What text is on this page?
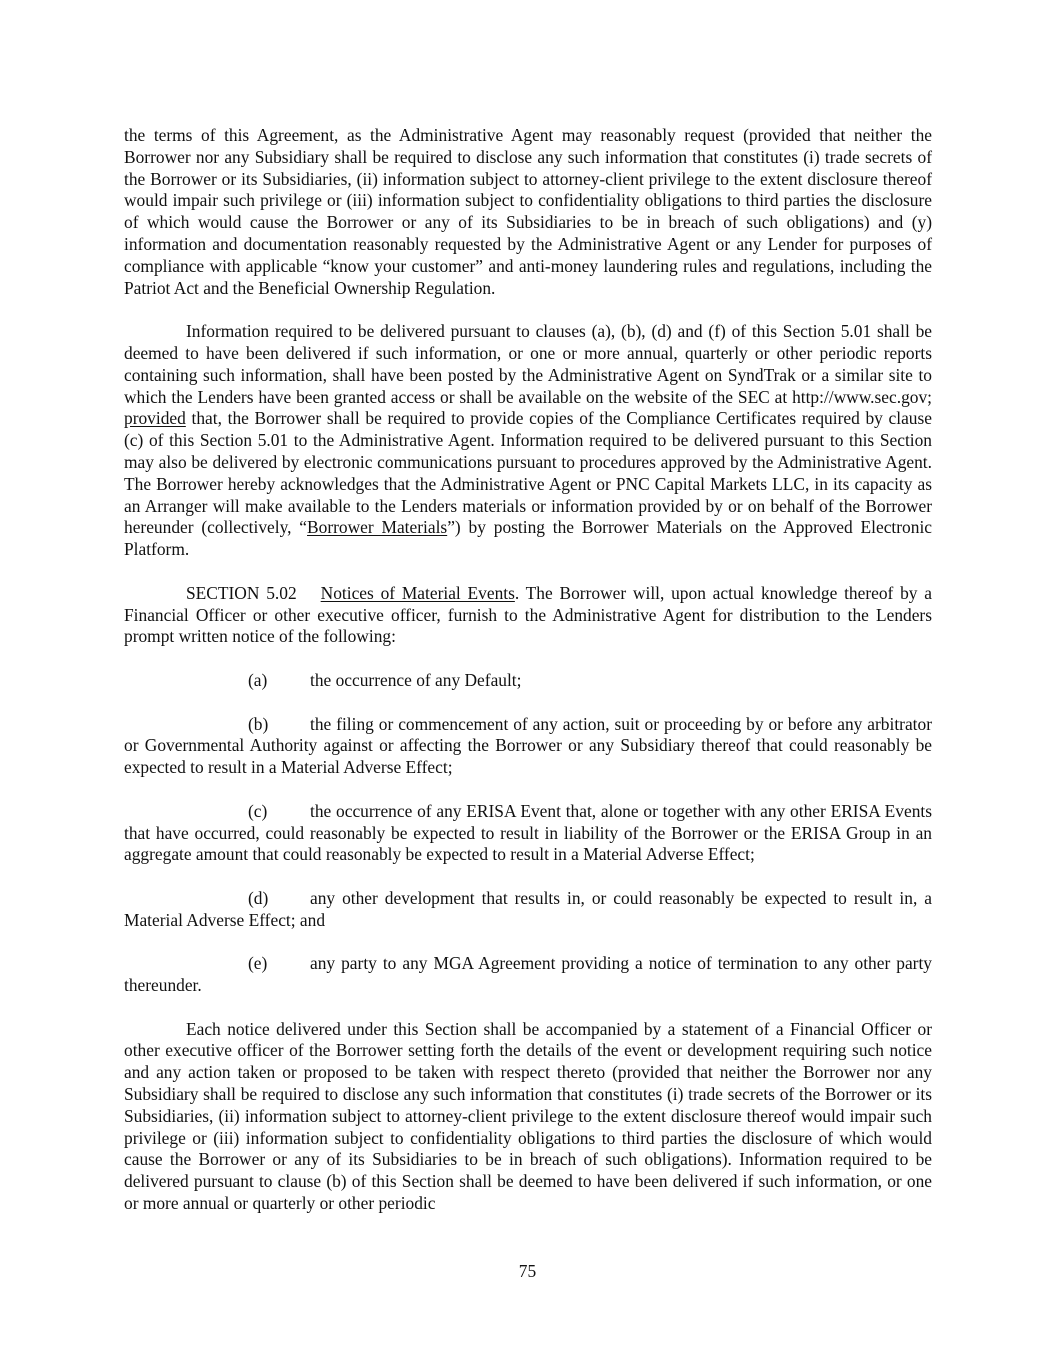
the terms of this Agreement, as the Administrative Agent may reasonably request (provided that neither the Borrower nor any Subsidiary shall be required to disclose any such information that constitutes (i) trade secrets of the Borrower or its Subsidiaries, (ii) information subject to attorney-client privilege to the extent disclosure thereof would impair such privilege or (iii) information subject to confidentiality obligations to third parties the disclosure of which would cause the Borrower or any of its Subsidiaries to be in breach of such obligations) and (y) information and documentation reasonably requested by the Administrative Agent or any Lender for purposes of compliance with applicable “know your customer” and anti-money laundering rules and regulations, including the Patriot Act and the Beneficial Ownership Regulation.

Information required to be delivered pursuant to clauses (a), (b), (d) and (f) of this Section 5.01 shall be deemed to have been delivered if such information, or one or more annual, quarterly or other periodic reports containing such information, shall have been posted by the Administrative Agent on SyndTrak or a similar site to which the Lenders have been granted access or shall be available on the website of the SEC at http://www.sec.gov; provided that, the Borrower shall be required to provide copies of the Compliance Certificates required by clause (c) of this Section 5.01 to the Administrative Agent. Information required to be delivered pursuant to this Section may also be delivered by electronic communications pursuant to procedures approved by the Administrative Agent. The Borrower hereby acknowledges that the Administrative Agent or PNC Capital Markets LLC, in its capacity as an Arranger will make available to the Lenders materials or information provided by or on behalf of the Borrower hereunder (collectively, “Borrower Materials”) by posting the Borrower Materials on the Approved Electronic Platform.

SECTION 5.02 Notices of Material Events. The Borrower will, upon actual knowledge thereof by a Financial Officer or other executive officer, furnish to the Administrative Agent for distribution to the Lenders prompt written notice of the following:

(a) the occurrence of any Default;

(b) the filing or commencement of any action, suit or proceeding by or before any arbitrator or Governmental Authority against or affecting the Borrower or any Subsidiary thereof that could reasonably be expected to result in a Material Adverse Effect;

(c) the occurrence of any ERISA Event that, alone or together with any other ERISA Events that have occurred, could reasonably be expected to result in liability of the Borrower or the ERISA Group in an aggregate amount that could reasonably be expected to result in a Material Adverse Effect;

(d) any other development that results in, or could reasonably be expected to result in, a Material Adverse Effect; and

(e) any party to any MGA Agreement providing a notice of termination to any other party thereunder.

Each notice delivered under this Section shall be accompanied by a statement of a Financial Officer or other executive officer of the Borrower setting forth the details of the event or development requiring such notice and any action taken or proposed to be taken with respect thereto (provided that neither the Borrower nor any Subsidiary shall be required to disclose any such information that constitutes (i) trade secrets of the Borrower or its Subsidiaries, (ii) information subject to attorney-client privilege to the extent disclosure thereof would impair such privilege or (iii) information subject to confidentiality obligations to third parties the disclosure of which would cause the Borrower or any of its Subsidiaries to be in breach of such obligations). Information required to be delivered pursuant to clause (b) of this Section shall be deemed to have been delivered if such information, or one or more annual or quarterly or other periodic

75
